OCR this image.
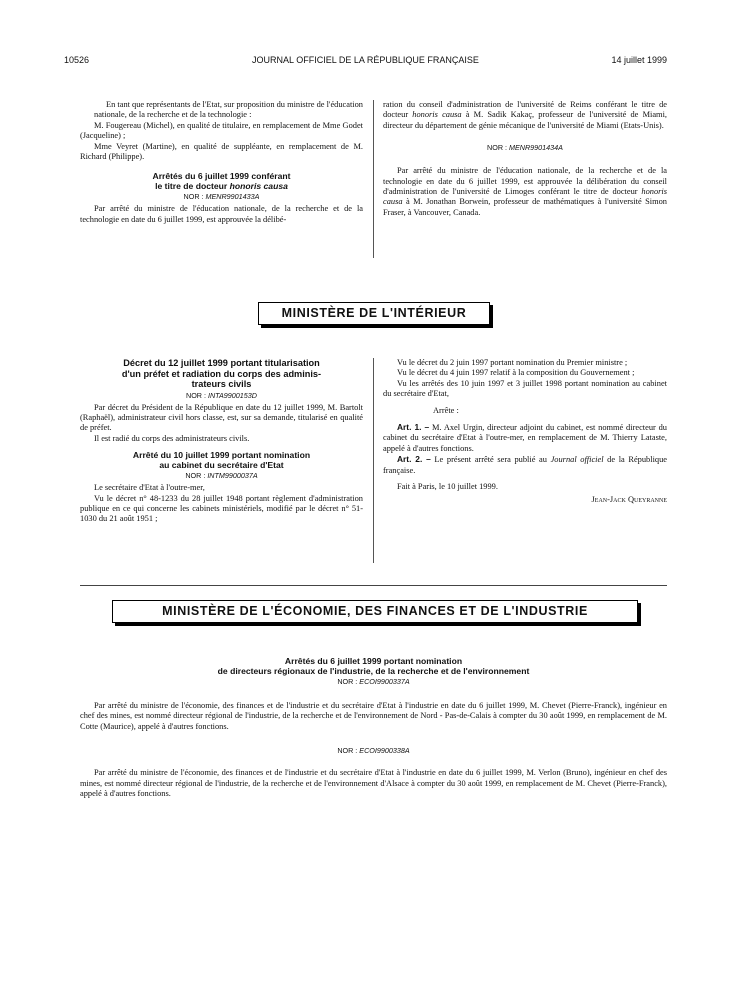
10526	JOURNAL OFFICIEL DE LA RÉPUBLIQUE FRANÇAISE	14 juillet 1999

En tant que représentants de l'Etat, sur proposition du ministre de l'éducation nationale, de la recherche et de la technologie :

M. Fougereau (Michel), en qualité de titulaire, en remplacement de Mme Godet (Jacqueline) ;

Mme Veyret (Martine), en qualité de suppléante, en remplacement de M. Richard (Philippe).

Arrêtés du 6 juillet 1999 conférant
le titre de docteur honoris causa

NOR : MENR9901433A

Par arrêté du ministre de l'éducation nationale, de la recherche et de la technologie en date du 6 juillet 1999, est approuvée la délibé-

ration du conseil d'administration de l'université de Reims conférant le titre de docteur honoris causa à M. Sadik Kakaç, professeur de l'université de Miami, directeur du département de génie mécanique de l'université de Miami (Etats-Unis).

NOR : MENR9901434A

Par arrêté du ministre de l'éducation nationale, de la recherche et de la technologie en date du 6 juillet 1999, est approuvée la délibération du conseil d'administration de l'université de Limoges conférant le titre de docteur honoris causa à M. Jonathan Borwein, professeur de mathématiques à l'université Simon Fraser, à Vancouver, Canada.

MINISTÈRE DE L'INTÉRIEUR

Décret du 12 juillet 1999 portant titularisation
d'un préfet et radiation du corps des adminis-
trateurs civils

NOR : INTA9900153D

Par décret du Président de la République en date du 12 juillet 1999, M. Bartolt (Raphaël), administrateur civil hors classe, est, sur sa demande, titularisé en qualité de préfet.

Il est radié du corps des administrateurs civils.

Arrêté du 10 juillet 1999 portant nomination
au cabinet du secrétaire d'Etat

NOR : INTM9900037A

Le secrétaire d'Etat à l'outre-mer,

Vu le décret n° 48-1233 du 28 juillet 1948 portant règlement d'administration publique en ce qui concerne les cabinets ministériels, modifié par le décret n° 51-1030 du 21 août 1951 ;

Vu le décret du 2 juin 1997 portant nomination du Premier ministre ;

Vu le décret du 4 juin 1997 relatif à la composition du Gouvernement ;

Vu les arrêtés des 10 juin 1997 et 3 juillet 1998 portant nomination au cabinet du secrétaire d'Etat,

Arrête :

Art. 1. – M. Axel Urgin, directeur adjoint du cabinet, est nommé directeur du cabinet du secrétaire d'Etat à l'outre-mer, en remplacement de M. Thierry Lataste, appelé à d'autres fonctions.

Art. 2. – Le présent arrêté sera publié au Journal officiel de la République française.

Fait à Paris, le 10 juillet 1999.

Jean-Jack Queyranne

MINISTÈRE DE L'ÉCONOMIE, DES FINANCES ET DE L'INDUSTRIE

Arrêtés du 6 juillet 1999 portant nomination
de directeurs régionaux de l'industrie, de la recherche et de l'environnement

NOR : ECOI9900337A

Par arrêté du ministre de l'économie, des finances et de l'industrie et du secrétaire d'Etat à l'industrie en date du 6 juillet 1999, M. Chevet (Pierre-Franck), ingénieur en chef des mines, est nommé directeur régional de l'industrie, de la recherche et de l'environnement de Nord - Pas-de-Calais à compter du 30 août 1999, en remplacement de M. Cotte (Maurice), appelé à d'autres fonctions.

NOR : ECOI9900338A

Par arrêté du ministre de l'économie, des finances et de l'industrie et du secrétaire d'Etat à l'industrie en date du 6 juillet 1999, M. Verlon (Bruno), ingénieur en chef des mines, est nommé directeur régional de l'industrie, de la recherche et de l'environnement d'Alsace à compter du 30 août 1999, en remplacement de M. Chevet (Pierre-Franck), appelé à d'autres fonctions.
